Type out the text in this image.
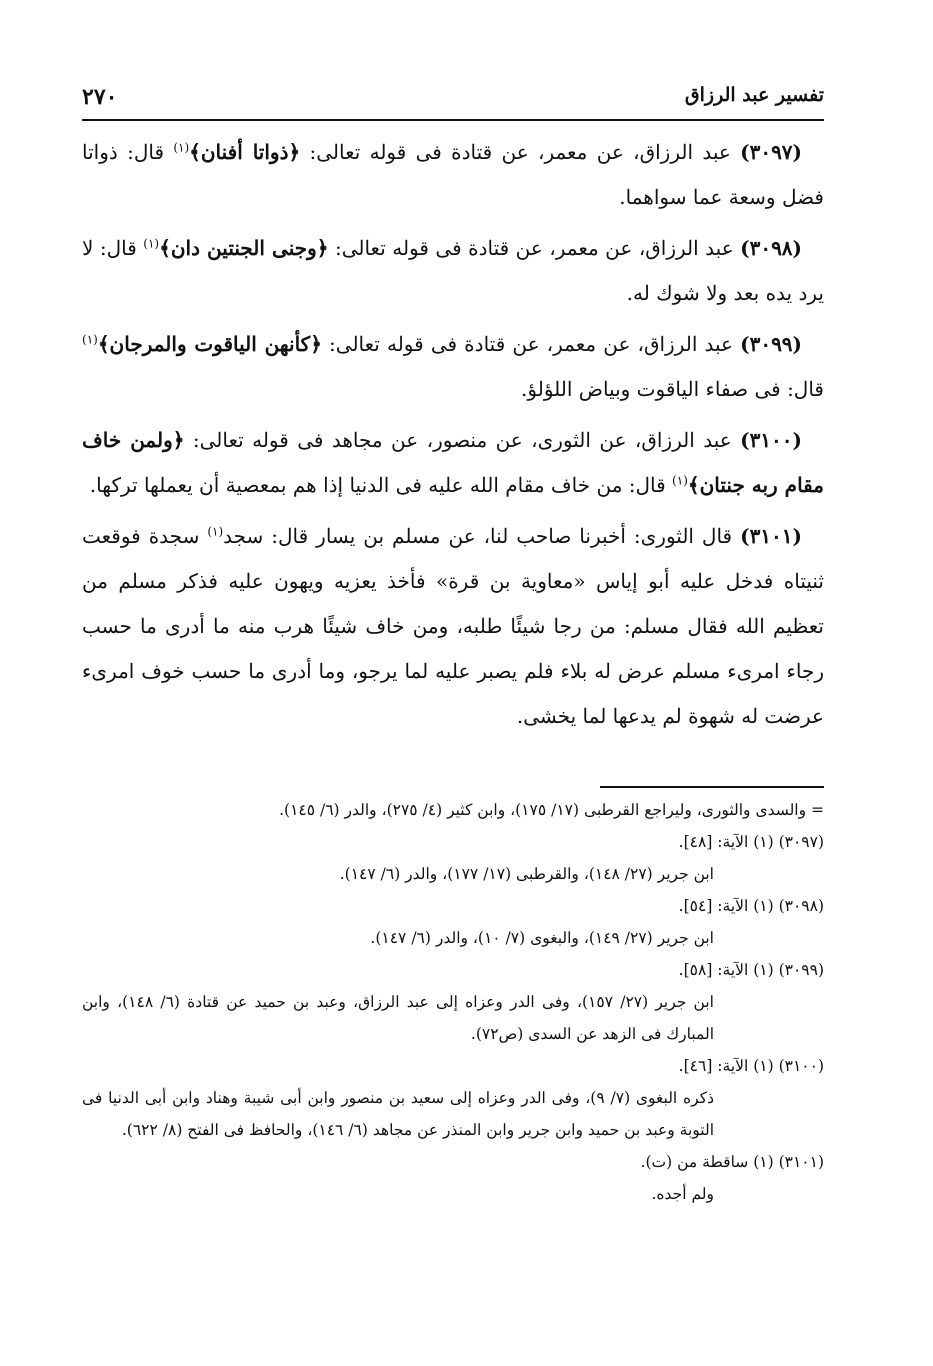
٢٧٠	تفسير عبد الرزاق

(٣٠٩٧) عبد الرزاق، عن معمر، عن قتادة فى قوله تعالى: ﴿ذواتا أفنان﴾$^{(١)}$ قال: ذواتا فضل وسعة عما سواهما.

(٣٠٩٨) عبد الرزاق، عن معمر، عن قتادة فى قوله تعالى: ﴿وجنى الجنتين دان﴾$^{(١)}$ قال: لا يرد يده بعد ولا شوك له.

(٣٠٩٩) عبد الرزاق، عن معمر، عن قتادة فى قوله تعالى: ﴿كأنهن الياقوت والمرجان﴾$^{(١)}$ قال: فى صفاء الياقوت وبياض اللؤلؤ.

(٣١٠٠) عبد الرزاق، عن الثورى، عن منصور، عن مجاهد فى قوله تعالى: ﴿ولمن خاف مقام ربه جنتان﴾$^{(١)}$ قال: من خاف مقام الله عليه فى الدنيا إذا هم بمعصية أن يعملها تركها.

(٣١٠١) قال الثورى: أخبرنا صاحب لنا، عن مسلم بن يسار قال: سجد$^{(١)}$ سجدة فوقعت ثنيتاه فدخل عليه أبو إياس «معاوية بن قرة» فأخذ يعزيه ويهون عليه فذكر مسلم من تعظيم الله فقال مسلم: من رجا شيئًا طلبه، ومن خاف شيئًا هرب منه ما أدرى ما حسب رجاء امرىء مسلم عرض له بلاء فلم يصبر عليه لما يرجو، وما أدرى ما حسب خوف امرىء عرضت له شهوة لم يدعها لما يخشى.

= والسدى والثورى، وليراجع القرطبى (١٧/ ١٧٥)، وابن كثير (٤/ ٢٧٥)، والدر (٦/ ١٤٥).

(٣٠٩٧) (١) الآية: [٤٨].

ابن جرير (٢٧/ ١٤٨)، والقرطبى (١٧/ ١٧٧)، والدر (٦/ ١٤٧).

(٣٠٩٨) (١) الآية: [٥٤].

ابن جرير (٢٧/ ١٤٩)، والبغوى (٧/ ١٠)، والدر (٦/ ١٤٧).

(٣٠٩٩) (١) الآية: [٥٨].

ابن جرير (٢٧/ ١٥٧)، وفى الدر وعزاه إلى عبد الرزاق، وعبد بن حميد عن قتادة (٦/ ١٤٨)، وابن المبارك فى الزهد عن السدى (ص٧٢).

(٣١٠٠) (١) الآية: [٤٦].

ذكره البغوى (٧/ ٩)، وفى الدر وعزاه إلى سعيد بن منصور وابن أبى شيبة وهناد وابن أبى الدنيا فى التوبة وعبد بن حميد وابن جرير وابن المنذر عن مجاهد (٦/ ١٤٦)، والحافظ فى الفتح (٨/ ٦٢٢).

(٣١٠١) (١) ساقطة من (ت).

ولم أجده.
